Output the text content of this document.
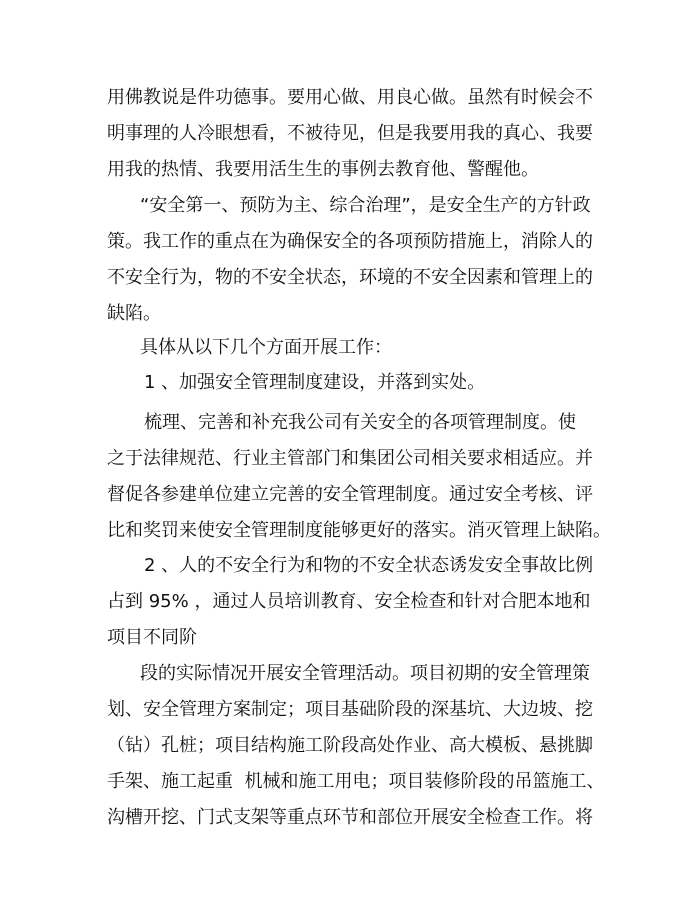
用佛教说是件功德事。要用心做、用良心做。虽然有时候会不
明事理的人冷眼想看，不被待见，但是我要用我的真心、我要
用我的热情、我要用活生生的事例去教育他、警醒他。
“安全第一、预防为主、综合治理”，是安全生产的方针政
策。我工作的重点在为确保安全的各项预防措施上，消除人的
不安全行为，物的不安全状态，环境的不安全因素和管理上的
缺陷。
具体从以下几个方面开展工作：
1 、加强安全管理制度建设，并落到实处。
梳理、完善和补充我公司有关安全的各项管理制度。使
之于法律规范、行业主管部门和集团公司相关要求相适应。并
督促各参建单位建立完善的安全管理制度。通过安全考核、评
比和奖罚来使安全管理制度能够更好的落实。消灭管理上缺陷。
2 、人的不安全行为和物的不安全状态诱发安全事故比例
占到 95% ，通过人员培训教育、安全检查和针对合肥本地和
项目不同阶
段的实际情况开展安全管理活动。项目初期的安全管理策
划、安全管理方案制定；项目基础阶段的深基坑、大边坡、挖
（钻）孔桩；项目结构施工阶段高处作业、高大模板、悬挑脚
手架、施工起重  机械和施工用电；项目装修阶段的吊篮施工、
沟槽开挖、门式支架等重点环节和部位开展安全检查工作。将
